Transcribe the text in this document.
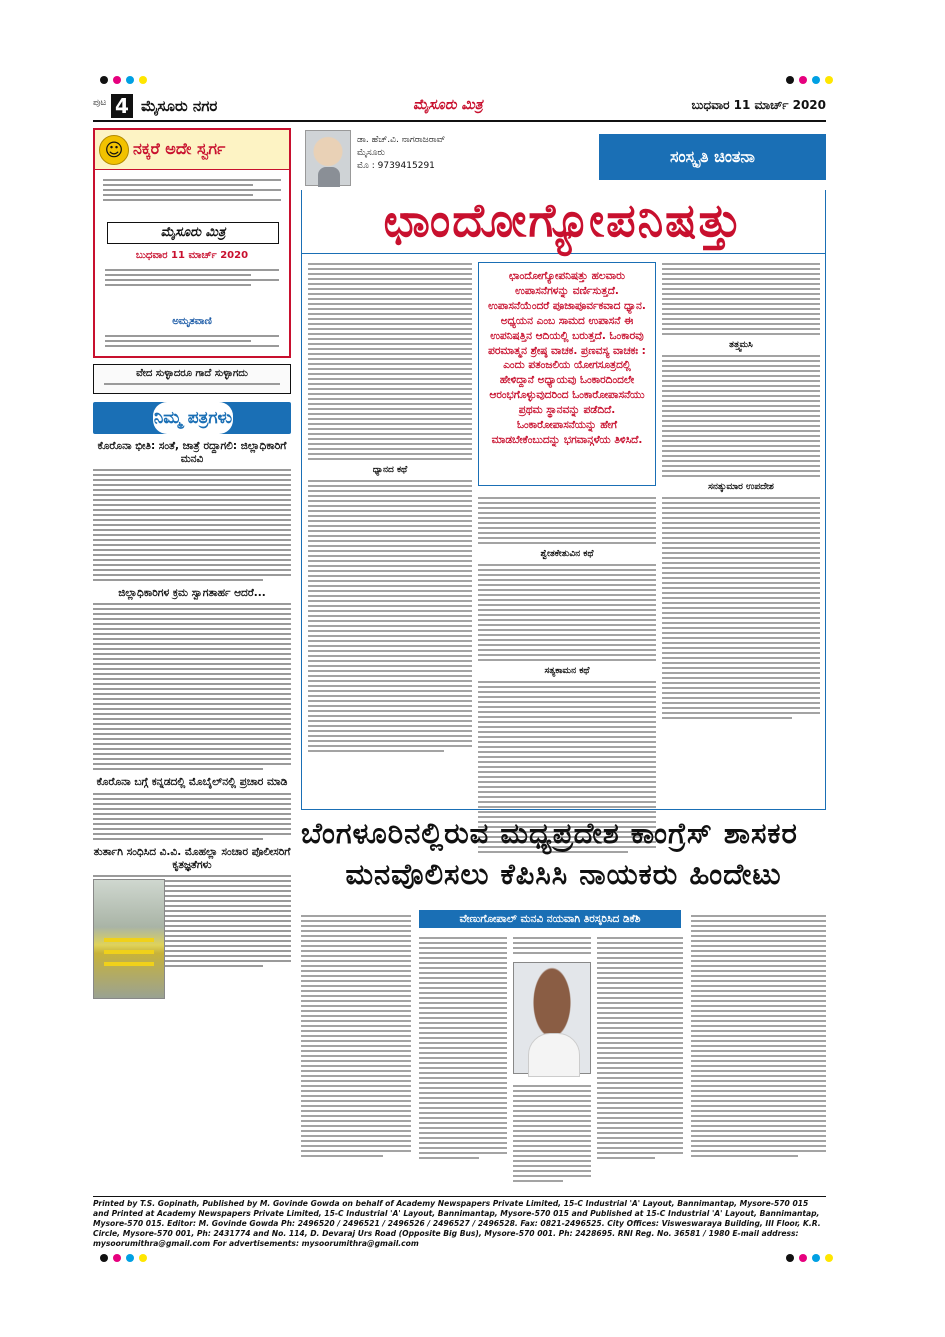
ಪುಟ 4 ಮೈಸೂರು ನಗರ	ಮೈಸೂರು ಮಿತ್ರ	ಬುಧವಾರ 11 ಮಾರ್ಚ್ 2020
☺ ನಕ್ಕರೆ ಅದೇ ಸ್ವರ್ಗ
ಮೈಸೂರು ಮಿತ್ರ
ಬುಧವಾರ 11 ಮಾರ್ಚ್ 2020
ಅಮೃತವಾಣಿ
ವೇದ ಸುಳ್ಳಾದರೂ ಗಾದೆ ಸುಳ್ಳಾಗದು
ನಿಮ್ಮ ಪತ್ರಗಳು
ಕೊರೊನಾ ಭೀತಿ: ಸಂತೆ, ಜಾತ್ರೆ ರದ್ದಾಗಲಿ: ಜಿಲ್ಲಾಧಿಕಾರಿಗೆ ಮನವಿ
ಜಿಲ್ಲಾಧಿಕಾರಿಗಳ ಕ್ರಮ ಸ್ವಾಗತಾರ್ಹ ಆದರೆ...
ಕೊರೊನಾ ಬಗ್ಗೆ ಕನ್ನಡದಲ್ಲಿ ಮೊಬೈಲ್‌ನಲ್ಲಿ ಪ್ರಚಾರ ಮಾಡಿ
ತುರ್ತಾಗಿ ಸಂಧಿಸಿದ ವಿ.ವಿ. ಮೊಹಲ್ಲಾ ಸಂಚಾರ ಪೊಲೀಸರಿಗೆ ಕೃತಜ್ಞತೆಗಳು
ಡಾ. ಹೆಚ್.ವಿ. ನಾಗರಾಜರಾವ್
ಮೈಸೂರು
ಮೊ : 9739415291
ಸಂಸ್ಕೃತಿ ಚಿಂತನಾ
ಛಾಂದೋಗ್ಯೋಪನಿಷತ್ತು
ಧ್ಯಾನದ ಕಥೆ
ಛಾಂದೋಗ್ಯೋಪನಿಷತ್ತು ಹಲವಾರು ಉಪಾಸನೆಗಳನ್ನು ವರ್ಣಿಸುತ್ತದೆ. ಉಪಾಸನೆಯೆಂದರೆ ಪೂಜಾಪೂರ್ವಕವಾದ ಧ್ಯಾನ. ಅಧ್ಯಯನ ಎಂಬ ಸಾಮದ ಉಪಾಸನೆ ಈ ಉಪನಿಷತ್ತಿನ ಆದಿಯಲ್ಲಿ ಬರುತ್ತದೆ. ಓಂಕಾರವು ಪರಮಾತ್ಮನ ಶ್ರೇಷ್ಠ ವಾಚಕ. ಪ್ರಣವಸ್ಯ ವಾಚಕಃ : ಎಂದು ಪತಂಜಲಿಯ ಯೋಗಸೂತ್ರದಲ್ಲಿ ಹೇಳಿದ್ದಾನೆ ಅಧ್ಯಾಯವು ಓಂಕಾರದಿಂದಲೇ ಆರಂಭಗೊಳ್ಳುವುದರಿಂದ ಓಂಕಾರೋಪಾಸನೆಯು ಪ್ರಥಮ ಸ್ಥಾನವನ್ನು ಪಡೆದಿದೆ. ಓಂಕಾರೋಪಾಸನೆಯನ್ನು ಹೇಗೆ ಮಾಡಬೇಕೆಂಬುದನ್ನು ಭಗವಾನ್ಗಳೆಯ ತಿಳಿಸಿದೆ.
ಶ್ವೇತಕೇತುವಿನ ಕಥೆ
ಸತ್ಯಕಾಮನ ಕಥೆ
ತತ್ತ್ವಮಸಿ
ಸನತ್ಕುಮಾರ ಉಪದೇಶ
ಬೆಂಗಳೂರಿನಲ್ಲಿರುವ ಮಧ್ಯಪ್ರದೇಶ ಕಾಂಗ್ರೆಸ್ ಶಾಸಕರ
ಮನವೊಲಿಸಲು ಕೆಪಿಸಿಸಿ ನಾಯಕರು ಹಿಂದೇಟು
ವೇಣುಗೋಪಾಲ್ ಮನವಿ ನಯವಾಗಿ ತಿರಸ್ಕರಿಸಿದ ಡಿಕೆಶಿ
Printed by T.S. Gopinath, Published by M. Govinde Gowda on behalf of Academy Newspapers Private Limited, 15-C Industrial 'A' Layout, Bannimantap, Mysore-570 015 and Printed at Academy Newspapers Private Limited, 15-C Industrial 'A' Layout, Bannimantap, Mysore-570 015 and Published at 15-C Industrial 'A' Layout, Bannimantap, Mysore-570 015. Editor: M. Govinde Gowda Ph: 2496520 / 2496521 / 2496526 / 2496527 / 2496528. Fax: 0821-2496525. City Offices: Visweswaraya Building, III Floor, K.R. Circle, Mysore-570 001, Ph: 2431774 and No. 114, D. Devaraj Urs Road (Opposite Big Bus), Mysore-570 001. Ph: 2428695. RNI Reg. No. 36581 / 1980 E-mail address: mysoorumithra@gmail.com For advertisements: mysoorumithra@gmail.com
